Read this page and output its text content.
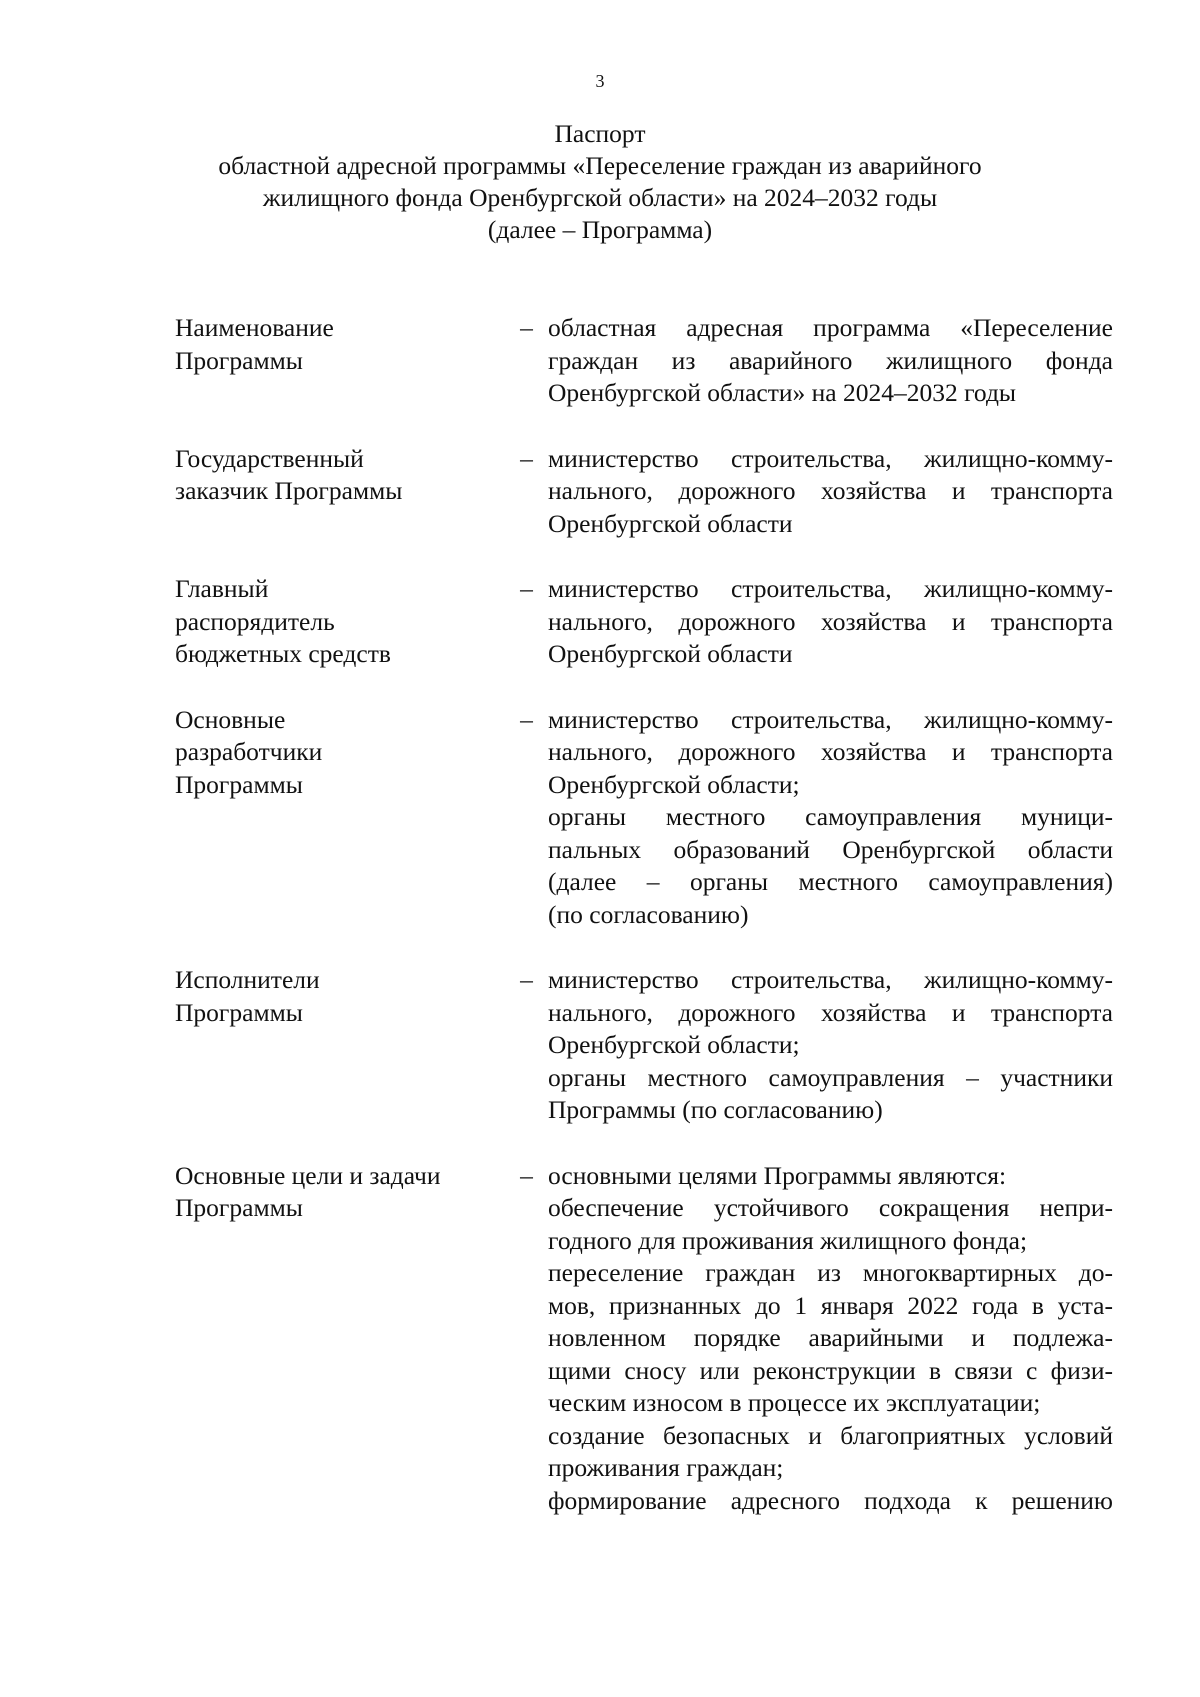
3
Паспорт
областной адресной программы «Переселение граждан из аварийного
жилищного фонда Оренбургской области» на 2024–2032 годы
(далее – Программа)
Наименование
Программы
– областная адресная программа «Переселение
граждан из аварийного жилищного фонда
Оренбургской области» на 2024–2032 годы
Государственный
заказчик Программы
– министерство строительства, жилищно-комму-
нального, дорожного хозяйства и транспорта
Оренбургской области
Главный
распорядитель
бюджетных средств
– министерство строительства, жилищно-комму-
нального, дорожного хозяйства и транспорта
Оренбургской области
Основные
разработчики
Программы
– министерство строительства, жилищно-комму-
нального, дорожного хозяйства и транспорта
Оренбургской области;
органы местного самоуправления муници-
пальных образований Оренбургской области
(далее – органы местного самоуправления)
(по согласованию)
Исполнители
Программы
– министерство строительства, жилищно-комму-
нального, дорожного хозяйства и транспорта
Оренбургской области;
органы местного самоуправления – участники
Программы (по согласованию)
Основные цели и задачи
Программы
– основными целями Программы являются:
обеспечение устойчивого сокращения непри-
годного для проживания жилищного фонда;
переселение граждан из многоквартирных до-
мов, признанных до 1 января 2022 года в уста-
новленном порядке аварийными и подлежа-
щими сносу или реконструкции в связи с физи-
ческим износом в процессе их эксплуатации;
создание безопасных и благоприятных условий
проживания граждан;
формирование адресного подхода к решению
